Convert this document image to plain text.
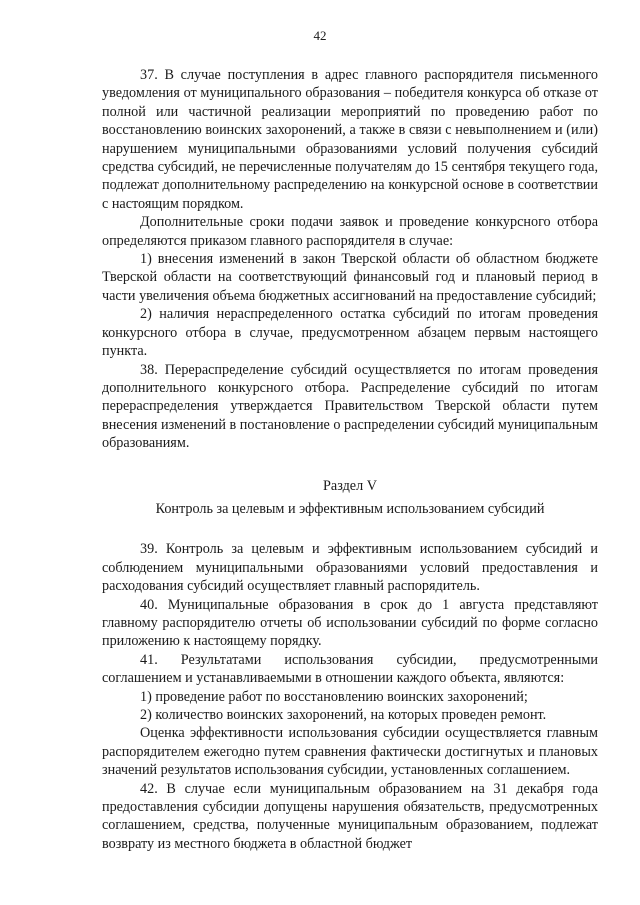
42

37. В случае поступления в адрес главного распорядителя письменного уведомления от муниципального образования – победителя конкурса об отказе от полной или частичной реализации мероприятий по проведению работ по восстановлению воинских захоронений, а также в связи с невыполнением и (или) нарушением муниципальными образованиями условий получения субсидий средства субсидий, не перечисленные получателям до 15 сентября текущего года, подлежат дополнительному распределению на конкурсной основе в соответствии с настоящим порядком.

Дополнительные сроки подачи заявок и проведение конкурсного отбора определяются приказом главного распорядителя в случае:

1) внесения изменений в закон Тверской области об областном бюджете Тверской области на соответствующий финансовый год и плановый период в части увеличения объема бюджетных ассигнований на предоставление субсидий;

2) наличия нераспределенного остатка субсидий по итогам проведения конкурсного отбора в случае, предусмотренном абзацем первым настоящего пункта.

38. Перераспределение субсидий осуществляется по итогам проведения дополнительного конкурсного отбора. Распределение субсидий по итогам перераспределения утверждается Правительством Тверской области путем внесения изменений в постановление о распределении субсидий муниципальным образованиям.

Раздел V
Контроль за целевым и эффективным использованием субсидий

39. Контроль за целевым и эффективным использованием субсидий и соблюдением муниципальными образованиями условий предоставления и расходования субсидий осуществляет главный распорядитель.

40. Муниципальные образования в срок до 1 августа представляют главному распорядителю отчеты об использовании субсидий по форме согласно приложению к настоящему порядку.

41. Результатами использования субсидии, предусмотренными соглашением и устанавливаемыми в отношении каждого объекта, являются:

1) проведение работ по восстановлению воинских захоронений;

2) количество воинских захоронений, на которых проведен ремонт.

Оценка эффективности использования субсидии осуществляется главным распорядителем ежегодно путем сравнения фактически достигнутых и плановых значений результатов использования субсидии, установленных соглашением.

42. В случае если муниципальным образованием на 31 декабря года предоставления субсидии допущены нарушения обязательств, предусмотренных соглашением, средства, полученные муниципальным образованием, подлежат возврату из местного бюджета в областной бюджет
